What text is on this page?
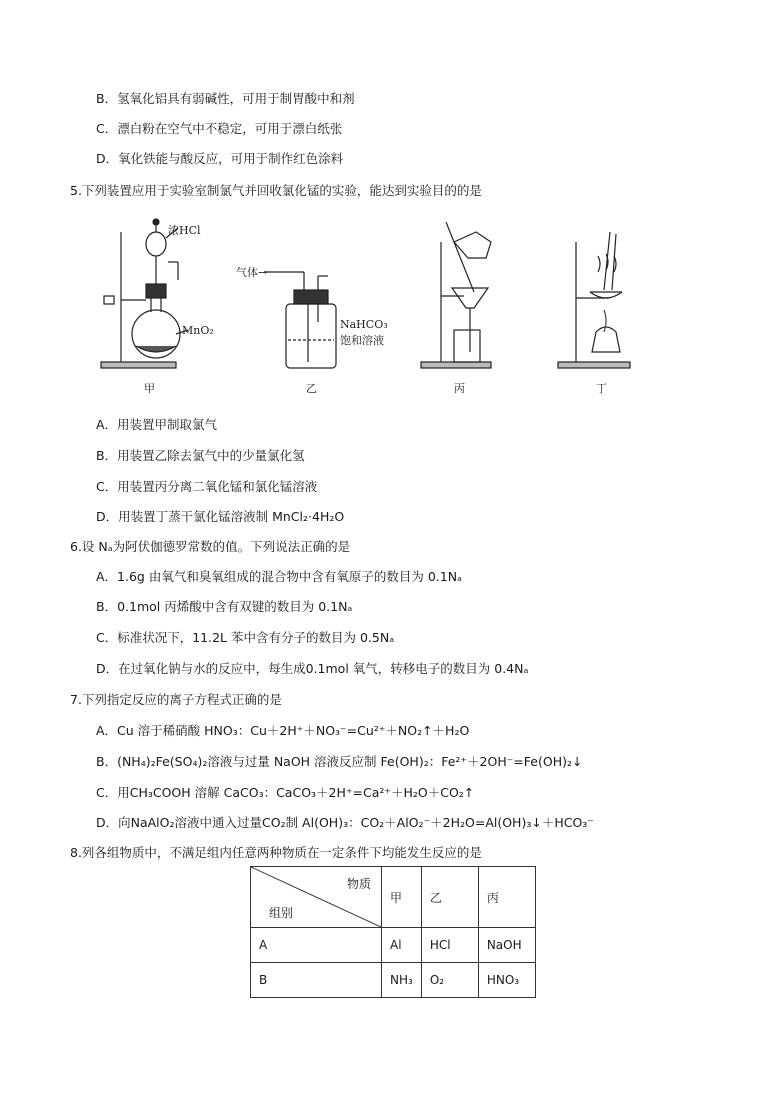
B．氢氧化铝具有弱碱性，可用于制胃酸中和剂
C．漂白粉在空气中不稳定，可用于漂白纸张
D．氧化铁能与酸反应，可用于制作红色涂料
5.下列装置应用于实验室制氯气并回收氯化锰的实验，能达到实验目的的是
浓HCl
MnO₂
气体→
NaHCO₃
饱和溶液
甲	乙	丙	丁
A．用装置甲制取氯气
B．用装置乙除去氯气中的少量氯化氢
C．用装置丙分离二氧化锰和氯化锰溶液
D．用装置丁蒸干氯化锰溶液制 MnCl₂·4H₂O
6.设 Nₐ为阿伏伽德罗常数的值。下列说法正确的是
A．1.6g 由氧气和臭氧组成的混合物中含有氧原子的数目为 0.1Nₐ
B．0.1mol 丙烯酸中含有双键的数目为 0.1Nₐ
C．标准状况下，11.2L 苯中含有分子的数目为 0.5Nₐ
D．在过氧化钠与水的反应中，每生成0.1mol 氧气，转移电子的数目为 0.4Nₐ
7.下列指定反应的离子方程式正确的是
A．Cu 溶于稀硝酸 HNO₃：Cu＋2H⁺＋NO₃⁻=Cu²⁺＋NO₂↑＋H₂O
B．(NH₄)₂Fe(SO₄)₂溶液与过量 NaOH 溶液反应制 Fe(OH)₂：Fe²⁺＋2OH⁻=Fe(OH)₂↓
C．用CH₃COOH 溶解 CaCO₃：CaCO₃＋2H⁺=Ca²⁺＋H₂O＋CO₂↑
D．向NaAlO₂溶液中通入过量CO₂制 Al(OH)₃：CO₂＋AlO₂⁻＋2H₂O=Al(OH)₃↓＋HCO₃⁻
8.列各组物质中，不满足组内任意两种物质在一定条件下均能发生反应的是
物质
组别	甲	乙	丙
A	Al	HCl	NaOH
B	NH₃	O₂	HNO₃
